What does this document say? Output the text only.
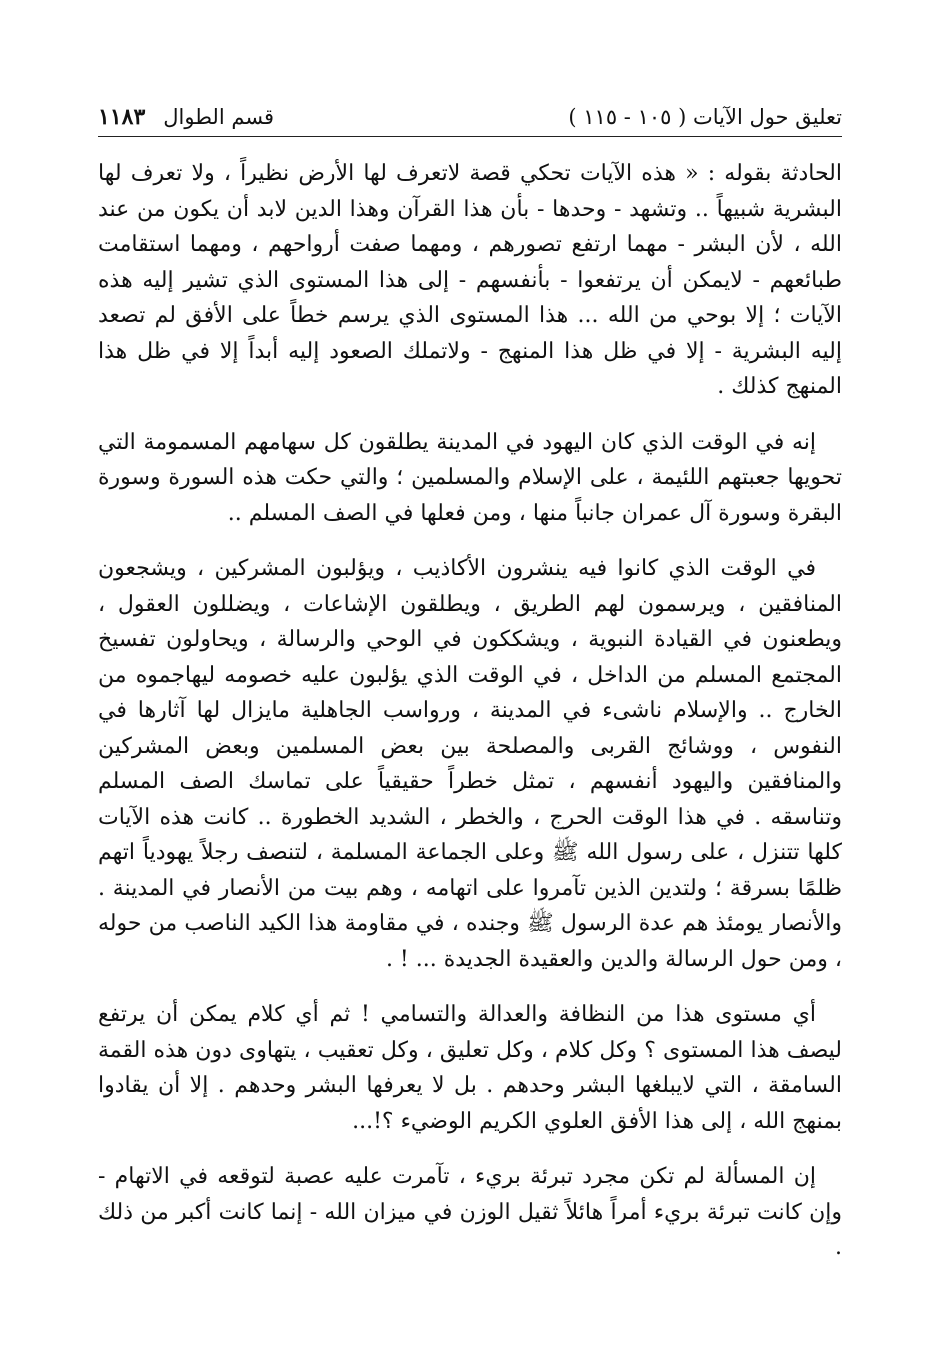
تعليق حول الآيات ( ١٠٥ - ١١٥ )
قسم الطوال
١١٨٣

الحادثة بقوله : « هذه الآيات تحكي قصة لاتعرف لها الأرض نظيراً ، ولا تعرف لها البشرية شبيهاً .. وتشهد - وحدها - بأن هذا القرآن وهذا الدين لابد أن يكون من عند الله ، لأن البشر - مهما ارتفع تصورهم ، ومهما صفت أرواحهم ، ومهما استقامت طبائعهم - لايمكن أن يرتفعوا - بأنفسهم - إلى هذا المستوى الذي تشير إليه هذه الآيات ؛ إلا بوحي من الله ... هذا المستوى الذي يرسم خطاً على الأفق لم تصعد إليه البشرية - إلا في ظل هذا المنهج - ولاتملك الصعود إليه أبداً إلا في ظل هذا المنهج كذلك .

إنه في الوقت الذي كان اليهود في المدينة يطلقون كل سهامهم المسمومة التي تحويها جعبتهم اللئيمة ، على الإسلام والمسلمين ؛ والتي حكت هذه السورة وسورة البقرة وسورة آل عمران جانباً منها ، ومن فعلها في الصف المسلم ..

في الوقت الذي كانوا فيه ينشرون الأكاذيب ، ويؤلبون المشركين ، ويشجعون المنافقين ، ويرسمون لهم الطريق ، ويطلقون الإشاعات ، ويضللون العقول ، ويطعنون في القيادة النبوية ، ويشككون في الوحي والرسالة ، ويحاولون تفسيخ المجتمع المسلم من الداخل ، في الوقت الذي يؤلبون عليه خصومه ليهاجموه من الخارج .. والإسلام ناشىء في المدينة ، ورواسب الجاهلية مايزال لها آثارها في النفوس ، ووشائج القربى والمصلحة بين بعض المسلمين وبعض المشركين والمنافقين واليهود أنفسهم ، تمثل خطراً حقيقياً على تماسك الصف المسلم وتناسقه . في هذا الوقت الحرج ، والخطر ، الشديد الخطورة .. كانت هذه الآيات كلها تتنزل ، على رسول الله ﷺ وعلى الجماعة المسلمة ، لتنصف رجلاً يهودياً اتهم ظلمًا بسرقة ؛ ولتدين الذين تآمروا على اتهامه ، وهم بيت من الأنصار في المدينة . والأنصار يومئذ هم عدة الرسول ﷺ وجنده ، في مقاومة هذا الكيد الناصب من حوله ، ومن حول الرسالة والدين والعقيدة الجديدة ... ! .

أي مستوى هذا من النظافة والعدالة والتسامي ! ثم أي كلام يمكن أن يرتفع ليصف هذا المستوى ؟ وكل كلام ، وكل تعليق ، وكل تعقيب ، يتهاوى دون هذه القمة السامقة ، التي لايبلغها البشر وحدهم . بل لا يعرفها البشر وحدهم . إلا أن يقادوا بمنهج الله ، إلى هذا الأفق العلوي الكريم الوضيء ؟!...

إن المسألة لم تكن مجرد تبرئة بريء ، تآمرت عليه عصبة لتوقعه في الاتهام - وإن كانت تبرئة بريء أمراً هائلاً ثقيل الوزن في ميزان الله - إنما كانت أكبر من ذلك .
